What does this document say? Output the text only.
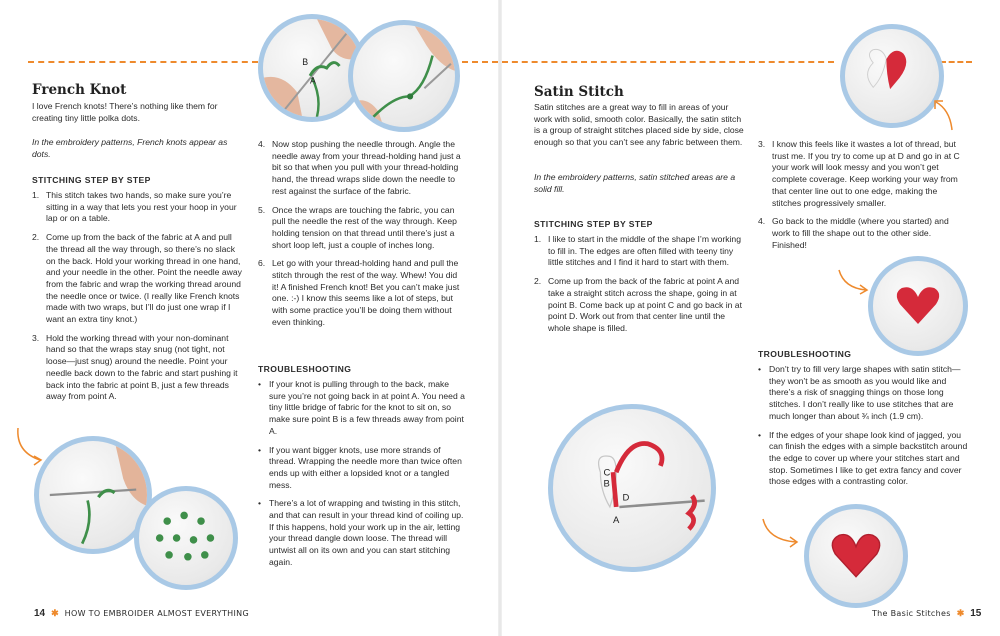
French Knot

I love French knots! There’s nothing like them for creating tiny little polka dots.

In the embroidery patterns, French knots appear as dots.

STITCHING STEP BY STEP
1. This stitch takes two hands, so make sure you’re sitting in a way that lets you rest your hoop in your lap or on a table.
2. Come up from the back of the fabric at A and pull the thread all the way through, so there’s no slack on the back. Hold your working thread in one hand, and your needle in the other. Point the needle away from the fabric and wrap the working thread around the needle once or twice. (I really like French knots made with two wraps, but I’ll do just one wrap if I want an extra tiny knot.)
3. Hold the working thread with your non-dominant hand so that the wraps stay snug (not tight, not loose—just snug) around the needle. Point your needle back down to the fabric and start pushing it back into the fabric at point B, just a few threads away from point A.
B
A
4. Now stop pushing the needle through. Angle the needle away from your thread-holding hand just a bit so that when you pull with your thread-holding hand, the thread wraps slide down the needle to rest against the surface of the fabric.
5. Once the wraps are touching the fabric, you can pull the needle the rest of the way through. Keep holding tension on that thread until there’s just a short loop left, just a couple of inches long.
6. Let go with your thread-holding hand and pull the stitch through the rest of the way. Whew! You did it! A finished French knot! Bet you can’t make just one. :-) I know this seems like a lot of steps, but with some practice you’ll be doing them without even thinking.
TROUBLESHOOTING
• If your knot is pulling through to the back, make sure you’re not going back in at point A. You need a tiny little bridge of fabric for the knot to sit on, so make sure point B is a few threads away from point A.
• If you want bigger knots, use more strands of thread. Wrapping the needle more than twice often ends up with either a lopsided knot or a tangled mess.
• There’s a lot of wrapping and twisting in this stitch, and that can result in your thread kind of coiling up. If this happens, hold your work up in the air, letting your thread dangle down loose. The thread will untwist all on its own and you can start stitching again.
14 ✱ HOW TO EMBROIDER ALMOST EVERYTHING
Satin Stitch

Satin stitches are a great way to fill in areas of your work with solid, smooth color. Basically, the satin stitch is a group of straight stitches placed side by side, close enough so that you can’t see any fabric between them.

In the embroidery patterns, satin stitched areas are a solid fill.

STITCHING STEP BY STEP
1. I like to start in the middle of the shape I’m working to fill in. The edges are often filled with teeny tiny little stitches and I find it hard to start with them.
2. Come up from the back of the fabric at point A and take a straight stitch across the shape, going in at point B. Come back up at point C and go back in at point D. Work out from that center line until the whole shape is filled.
C
B
D
A
3. I know this feels like it wastes a lot of thread, but trust me. If you try to come up at D and go in at C your work will look messy and you won’t get complete coverage. Keep working your way from that center line out to one edge, making the stitches progressively smaller.
4. Go back to the middle (where you started) and work to fill the shape out to the other side. Finished!
TROUBLESHOOTING
• Don’t try to fill very large shapes with satin stitch—they won’t be as smooth as you would like and there’s a risk of snagging things on those long stitches. I don’t really like to use stitches that are much longer than about ¾ inch (1.9 cm).
• If the edges of your shape look kind of jagged, you can finish the edges with a simple backstitch around the edge to cover up where your stitches start and stop. Sometimes I like to get extra fancy and cover those edges with a contrasting color.
The Basic Stitches ✱ 15
